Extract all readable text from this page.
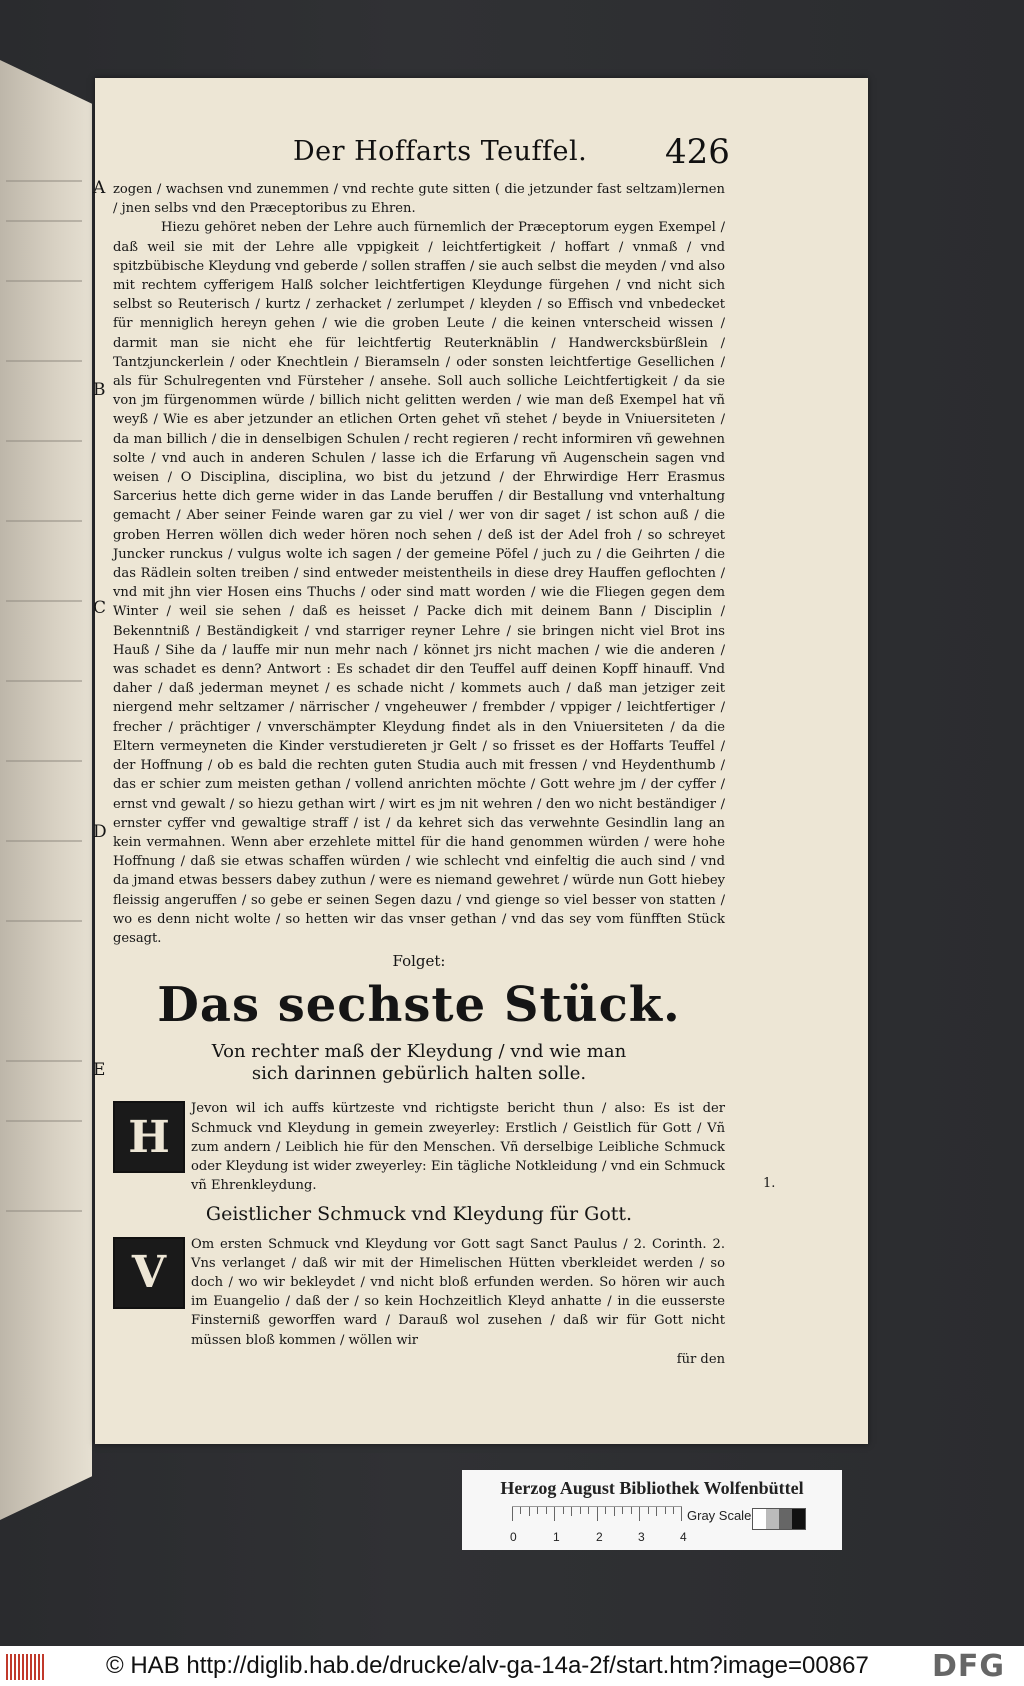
Der Hoffarts Teuffel. 426
A
B
C
D
E
1.

zogen / wachsen vnd zunemmen / vnd rechte gute sitten ( die jetzunder fast seltzam)lernen / jnen selbs vnd den Præceptoribus zu Ehren.

Hiezu gehöret neben der Lehre auch fürnemlich der Præceptorum eygen Exempel / daß weil sie mit der Lehre alle vppigkeit / leichtfertigkeit / hoffart / vnmaß / vnd spitzbübische Kleydung vnd geberde / sollen straffen / sie auch selbst die meyden / vnd also mit rechtem cyfferigem Halß solcher leichtfertigen Kleydunge fürgehen / vnd nicht sich selbst so Reuterisch / kurtz / zerhacket / zerlumpet / kleyden / so Effisch vnd vnbedecket für menniglich hereyn gehen / wie die groben Leute / die keinen vnterscheid wissen / darmit man sie nicht ehe für leichtfertig Reuterknäblin / Handwercksbürßlein / Tantzjunckerlein / oder Knechtlein / Bieramseln / oder sonsten leichtfertige Gesellichen / als für Schulregenten vnd Fürsteher / ansehe. Soll auch solliche Leichtfertigkeit / da sie von jm fürgenommen würde / billich nicht gelitten werden / wie man deß Exempel hat vñ weyß / Wie es aber jetzunder an etlichen Orten gehet vñ stehet / beyde in Vniuersiteten / da man billich / die in denselbigen Schulen / recht regieren / recht informiren vñ gewehnen solte / vnd auch in anderen Schulen / lasse ich die Erfarung vñ Augenschein sagen vnd weisen / O Disciplina, disciplina, wo bist du jetzund / der Ehrwirdige Herr Erasmus Sarcerius hette dich gerne wider in das Lande beruffen / dir Bestallung vnd vnterhaltung gemacht / Aber seiner Feinde waren gar zu viel / wer von dir saget / ist schon auß / die groben Herren wöllen dich weder hören noch sehen / deß ist der Adel froh / so schreyet Juncker runckus / vulgus wolte ich sagen / der gemeine Pöfel / juch zu / die Geihrten / die das Rädlein solten treiben / sind entweder meistentheils in diese drey Hauffen geflochten / vnd mit jhn vier Hosen eins Thuchs / oder sind matt worden / wie die Fliegen gegen dem Winter / weil sie sehen / daß es heisset / Packe dich mit deinem Bann / Disciplin / Bekenntniß / Beständigkeit / vnd starriger reyner Lehre / sie bringen nicht viel Brot ins Hauß / Sihe da / lauffe mir nun mehr nach / könnet jrs nicht machen / wie die anderen / was schadet es denn? Antwort : Es schadet dir den Teuffel auff deinen Kopff hinauff. Vnd daher / daß jederman meynet / es schade nicht / kommets auch / daß man jetziger zeit niergend mehr seltzamer / närrischer / vngeheuwer / frembder / vppiger / leichtfertiger / frecher / prächtiger / vnverschämpter Kleydung findet als in den Vniuersiteten / da die Eltern vermeyneten die Kinder verstudiereten jr Gelt / so frisset es der Hoffarts Teuffel / der Hoffnung / ob es bald die rechten guten Studia auch mit fressen / vnd Heydenthumb / das er schier zum meisten gethan / vollend anrichten möchte / Gott wehre jm / der cyffer / ernst vnd gewalt / so hiezu gethan wirt / wirt es jm nit wehren / den wo nicht beständiger / ernster cyffer vnd gewaltige straff / ist / da kehret sich das verwehnte Gesindlin lang an kein vermahnen. Wenn aber erzehlete mittel für die hand genommen würden / were hohe Hoffnung / daß sie etwas schaffen würden / wie schlecht vnd einfeltig die auch sind / vnd da jmand etwas bessers dabey zuthun / were es niemand gewehret / würde nun Gott hiebey fleissig angeruffen / so gebe er seinen Segen dazu / vnd gienge so viel besser von statten / wo es denn nicht wolte / so hetten wir das vnser gethan / vnd das sey vom fünfften Stück gesagt.

Folget:
Das sechste Stück.
Von rechter maß der Kleydung / vnd wie man sich darinnen gebürlich halten solle.
H

Jevon wil ich auffs kürtzeste vnd richtigste bericht thun / also: Es ist der Schmuck vnd Kleydung in gemein zweyerley: Erstlich / Geistlich für Gott / Vñ zum andern / Leiblich hie für den Menschen. Vñ derselbige Leibliche Schmuck oder Kleydung ist wider zweyerley: Ein tägliche Notkleidung / vnd ein Schmuck vñ Ehrenkleydung.

Geistlicher Schmuck vnd Kleydung für Gott.
V

Om ersten Schmuck vnd Kleydung vor Gott sagt Sanct Paulus / 2. Corinth. 2. Vns verlanget / daß wir mit der Himelischen Hütten vberkleidet werden / so doch / wo wir bekleydet / vnd nicht bloß erfunden werden. So hören wir auch im Euangelio / daß der / so kein Hochzeitlich Kleyd anhatte / in die eusserste Finsterniß geworffen ward / Darauß wol zusehen / daß wir für Gott nicht müssen bloß kommen / wöllen wir

für den
Herzog August Bibliothek Wolfenbüttel
0	1	2	3	4
Gray Scale
© HAB http://diglib.hab.de/drucke/alv-ga-14a-2f/start.htm?image=00867 DFG
